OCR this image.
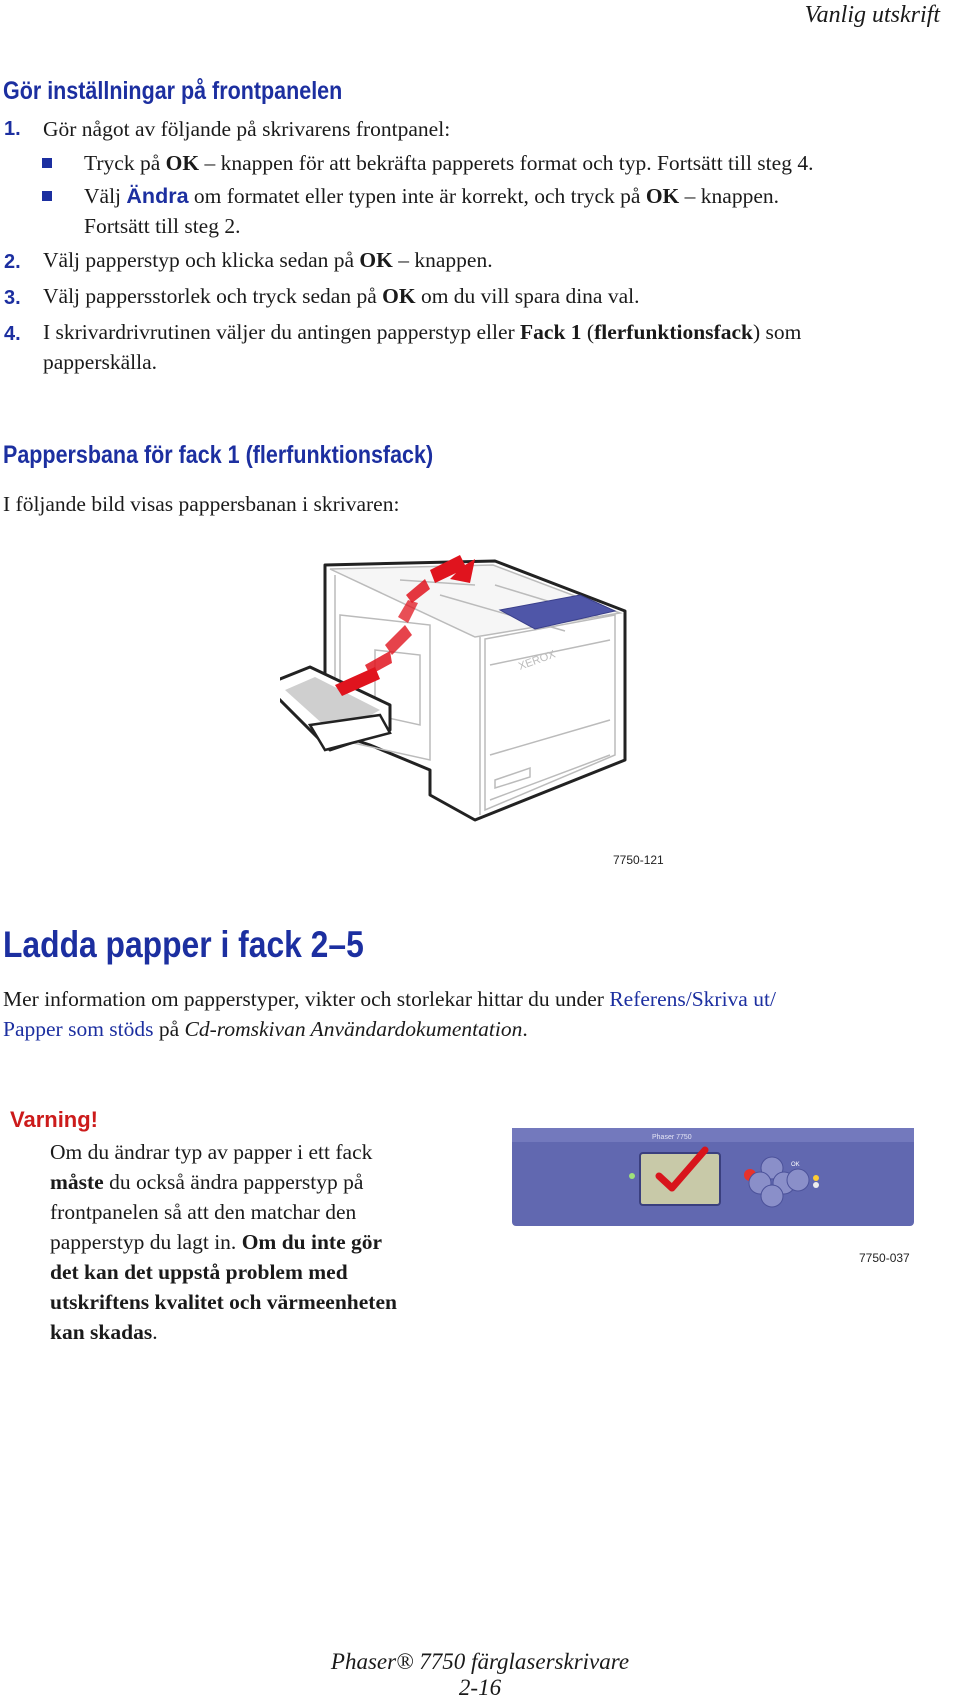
Vanlig utskrift
Gör inställningar på frontpanelen
1. Gör något av följande på skrivarens frontpanel:
Tryck på OK – knappen för att bekräfta papperets format och typ. Fortsätt till steg 4.
Välj Ändra om formatet eller typen inte är korrekt, och tryck på OK – knappen.
Fortsätt till steg 2.
2. Välj papperstyp och klicka sedan på OK – knappen.
3. Välj pappersstorlek och tryck sedan på OK om du vill spara dina val.
4. I skrivardrivrutinen väljer du antingen papperstyp eller Fack 1 (flerfunktionsfack) som
papperskälla.
Pappersbana för fack 1 (flerfunktionsfack)
I följande bild visas pappersbanan i skrivaren:
XEROX
7750-121
Ladda papper i fack 2–5
Mer information om papperstyper, vikter och storlekar hittar du under Referens/Skriva ut/
Papper som stöds på Cd-romskivan Användardokumentation.
Varning!
Om du ändrar typ av papper i ett fack
måste du också ändra papperstyp på
frontpanelen så att den matchar den
papperstyp du lagt in. Om du inte gör
det kan det uppstå problem med
utskriftens kvalitet och värmeenheten
kan skadas.
Phaser 7750
OK
7750-037
Phaser® 7750 färglaserskrivare
2-16
